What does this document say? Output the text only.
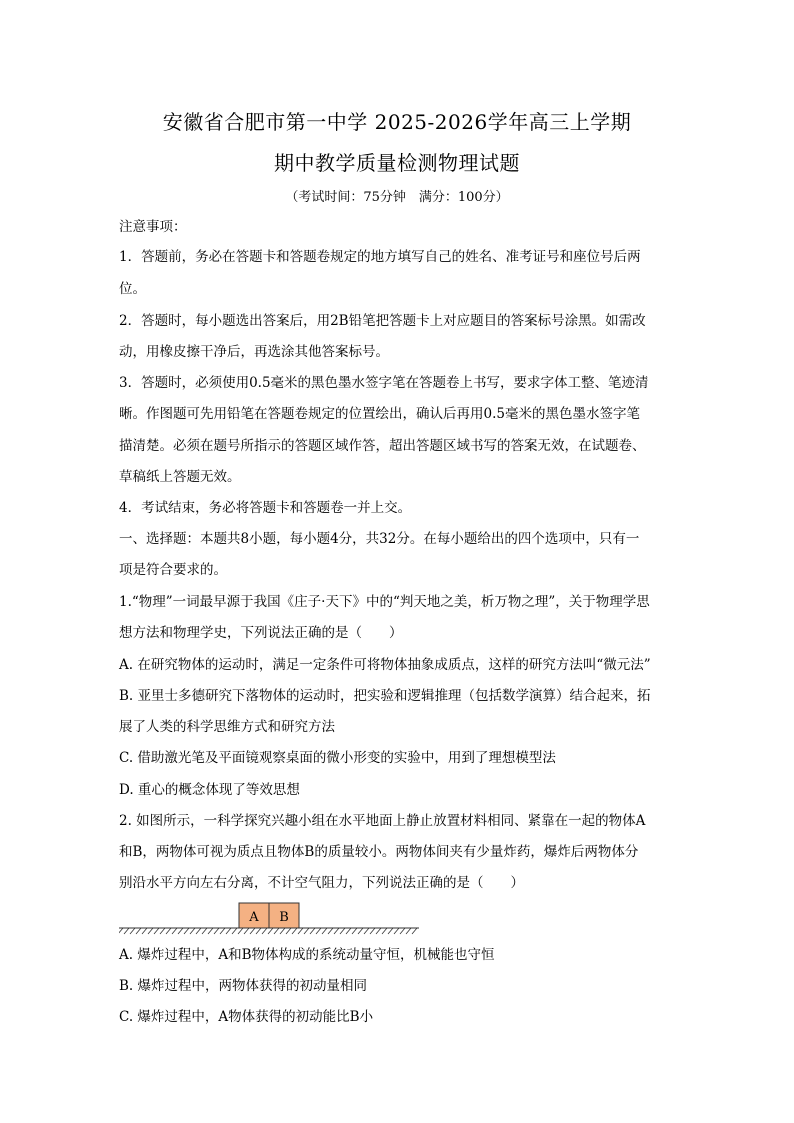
安徽省合肥市第一中学 2025-2026学年高三上学期
期中教学质量检测物理试题
（考试时间：75分钟　满分：100分）
注意事项：
1．答题前，务必在答题卡和答题卷规定的地方填写自己的姓名、准考证号和座位号后两
位。
2．答题时，每小题选出答案后，用2B铅笔把答题卡上对应题目的答案标号涂黑。如需改
动，用橡皮擦干净后，再选涂其他答案标号。
3．答题时，必须使用0.5毫米的黑色墨水签字笔在答题卷上书写，要求字体工整、笔迹清
晰。作图题可先用铅笔在答题卷规定的位置绘出，确认后再用0.5毫米的黑色墨水签字笔
描清楚。必须在题号所指示的答题区域作答，超出答题区域书写的答案无效，在试题卷、
草稿纸上答题无效。
4．考试结束，务必将答题卡和答题卷一并上交。
一、选择题：本题共8小题，每小题4分，共32分。在每小题给出的四个选项中，只有一
项是符合要求的。
1.“物理”一词最早源于我国《庄子·天下》中的“判天地之美，析万物之理”，关于物理学思
想方法和物理学史，下列说法正确的是（　　）
A. 在研究物体的运动时，满足一定条件可将物体抽象成质点，这样的研究方法叫“微元法”
B. 亚里士多德研究下落物体的运动时，把实验和逻辑推理（包括数学演算）结合起来，拓
展了人类的科学思维方式和研究方法
C. 借助激光笔及平面镜观察桌面的微小形变的实验中，用到了理想模型法
D. 重心的概念体现了等效思想
2. 如图所示，一科学探究兴趣小组在水平地面上静止放置材料相同、紧靠在一起的物体A
和B，两物体可视为质点且物体B的质量较小。两物体间夹有少量炸药，爆炸后两物体分
别沿水平方向左右分离，不计空气阻力，下列说法正确的是（　　）
A B
A. 爆炸过程中，A和B物体构成的系统动量守恒，机械能也守恒
B. 爆炸过程中，两物体获得的初动量相同
C. 爆炸过程中，A物体获得的初动能比B小
